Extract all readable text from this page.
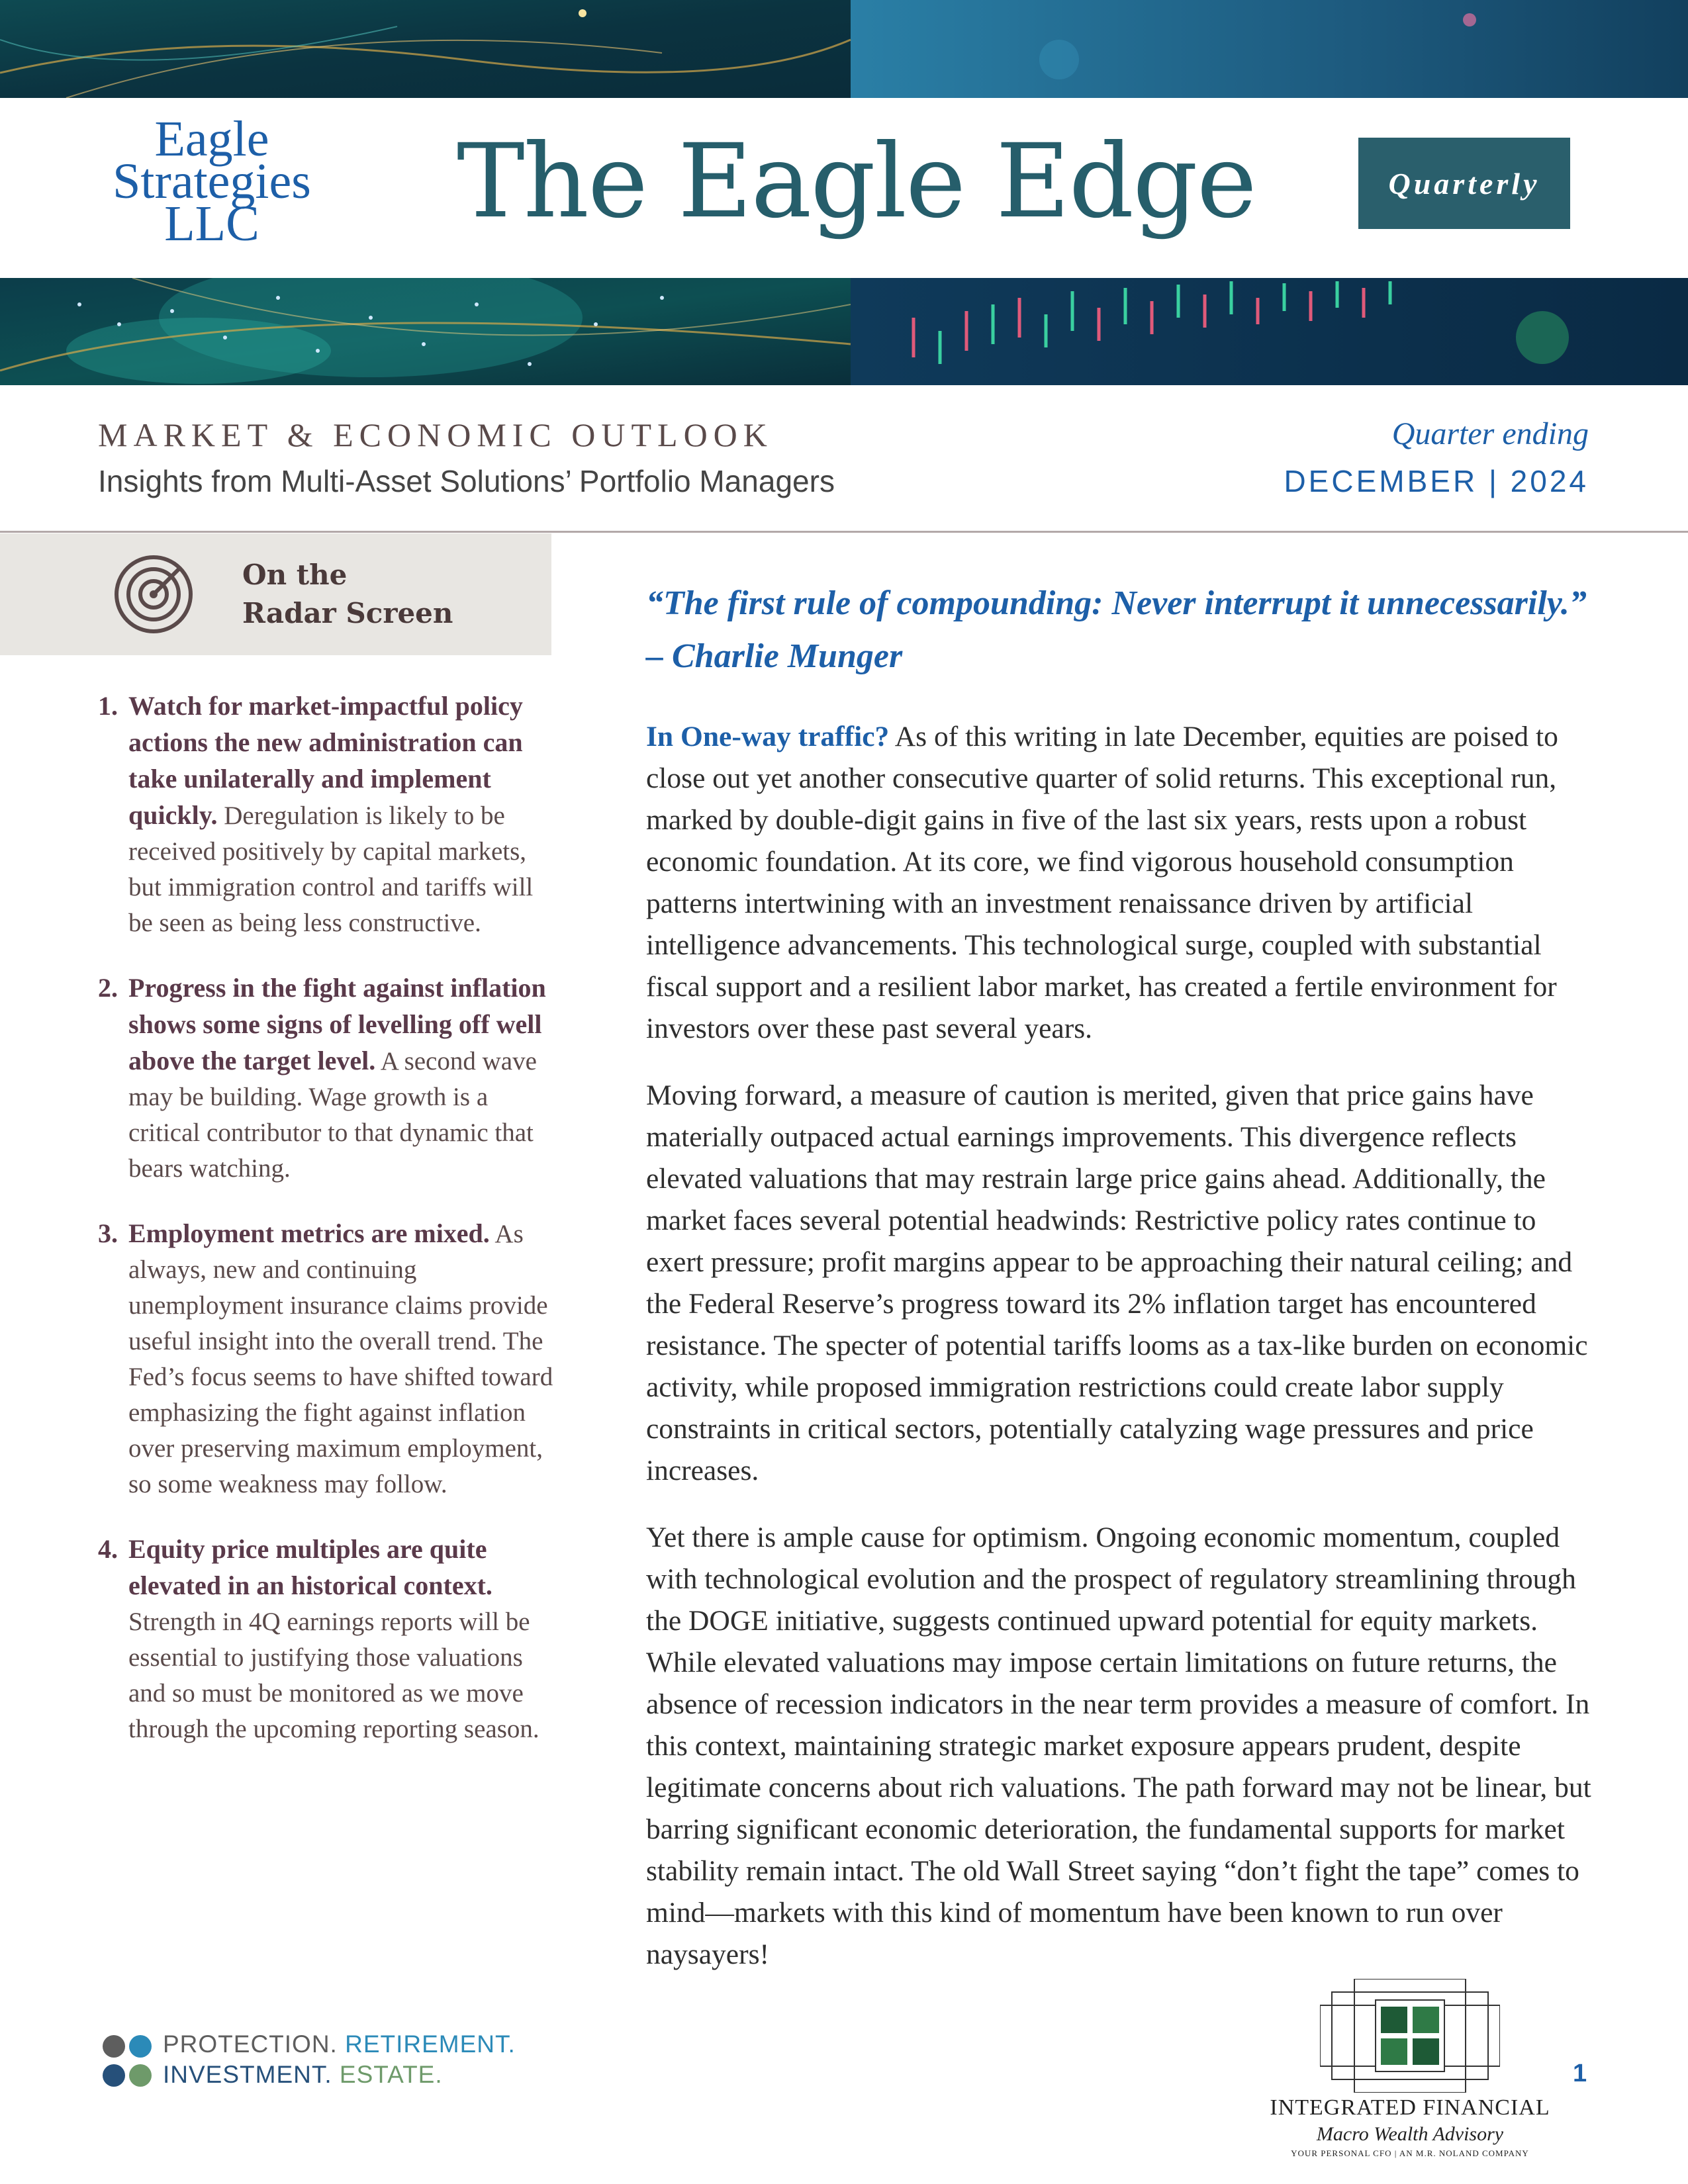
Eagle
Strategies
LLC	The Eagle Edge	Quarterly
MARKET & ECONOMIC OUTLOOK
Insights from Multi-Asset Solutions’ Portfolio Managers
Quarter ending
DECEMBER | 2024
On the
Radar Screen
1. Watch for market-impactful policy actions the new administration can take unilaterally and implement quickly. Deregulation is likely to be received positively by capital markets, but immigration control and tariffs will be seen as being less constructive.
2. Progress in the fight against inflation shows some signs of levelling off well above the target level. A second wave may be building. Wage growth is a critical contributor to that dynamic that bears watching.
3. Employment metrics are mixed. As always, new and continuing unemployment insurance claims provide useful insight into the overall trend. The Fed’s focus seems to have shifted toward emphasizing the fight against inflation over preserving maximum employment, so some weakness may follow.
4. Equity price multiples are quite elevated in an historical context. Strength in 4Q earnings reports will be essential to justifying those valuations and so must be monitored as we move through the upcoming reporting season.
“The first rule of compounding: Never interrupt it unnecessarily.” – Charlie Munger

In One-way traffic? As of this writing in late December, equities are poised to close out yet another consecutive quarter of solid returns. This exceptional run, marked by double-digit gains in five of the last six years, rests upon a robust economic foundation. At its core, we find vigorous household consumption patterns intertwining with an investment renaissance driven by artificial intelligence advancements. This technological surge, coupled with substantial fiscal support and a resilient labor market, has created a fertile environment for investors over these past several years.

Moving forward, a measure of caution is merited, given that price gains have materially outpaced actual earnings improvements. This divergence reflects elevated valuations that may restrain large price gains ahead. Additionally, the market faces several potential headwinds: Restrictive policy rates continue to exert pressure; profit margins appear to be approaching their natural ceiling; and the Federal Reserve’s progress toward its 2% inflation target has encountered resistance. The specter of potential tariffs looms as a tax-like burden on economic activity, while proposed immigration restrictions could create labor supply constraints in critical sectors, potentially catalyzing wage pressures and price increases.

Yet there is ample cause for optimism. Ongoing economic momentum, coupled with technological evolution and the prospect of regulatory streamlining through the DOGE initiative, suggests continued upward potential for equity markets. While elevated valuations may impose certain limitations on future returns, the absence of recession indicators in the near term provides a measure of comfort. In this context, maintaining strategic market exposure appears prudent, despite legitimate concerns about rich valuations. The path forward may not be linear, but barring significant economic deterioration, the fundamental supports for market stability remain intact. The old Wall Street saying “don’t fight the tape” comes to mind—markets with this kind of momentum have been known to run over naysayers!

PROTECTION. RETIREMENT.
INVESTMENT. ESTATE.
INTEGRATED FINANCIAL
Macro Wealth Advisory
YOUR PERSONAL CFO | AN M.R. NOLAND COMPANY
1
